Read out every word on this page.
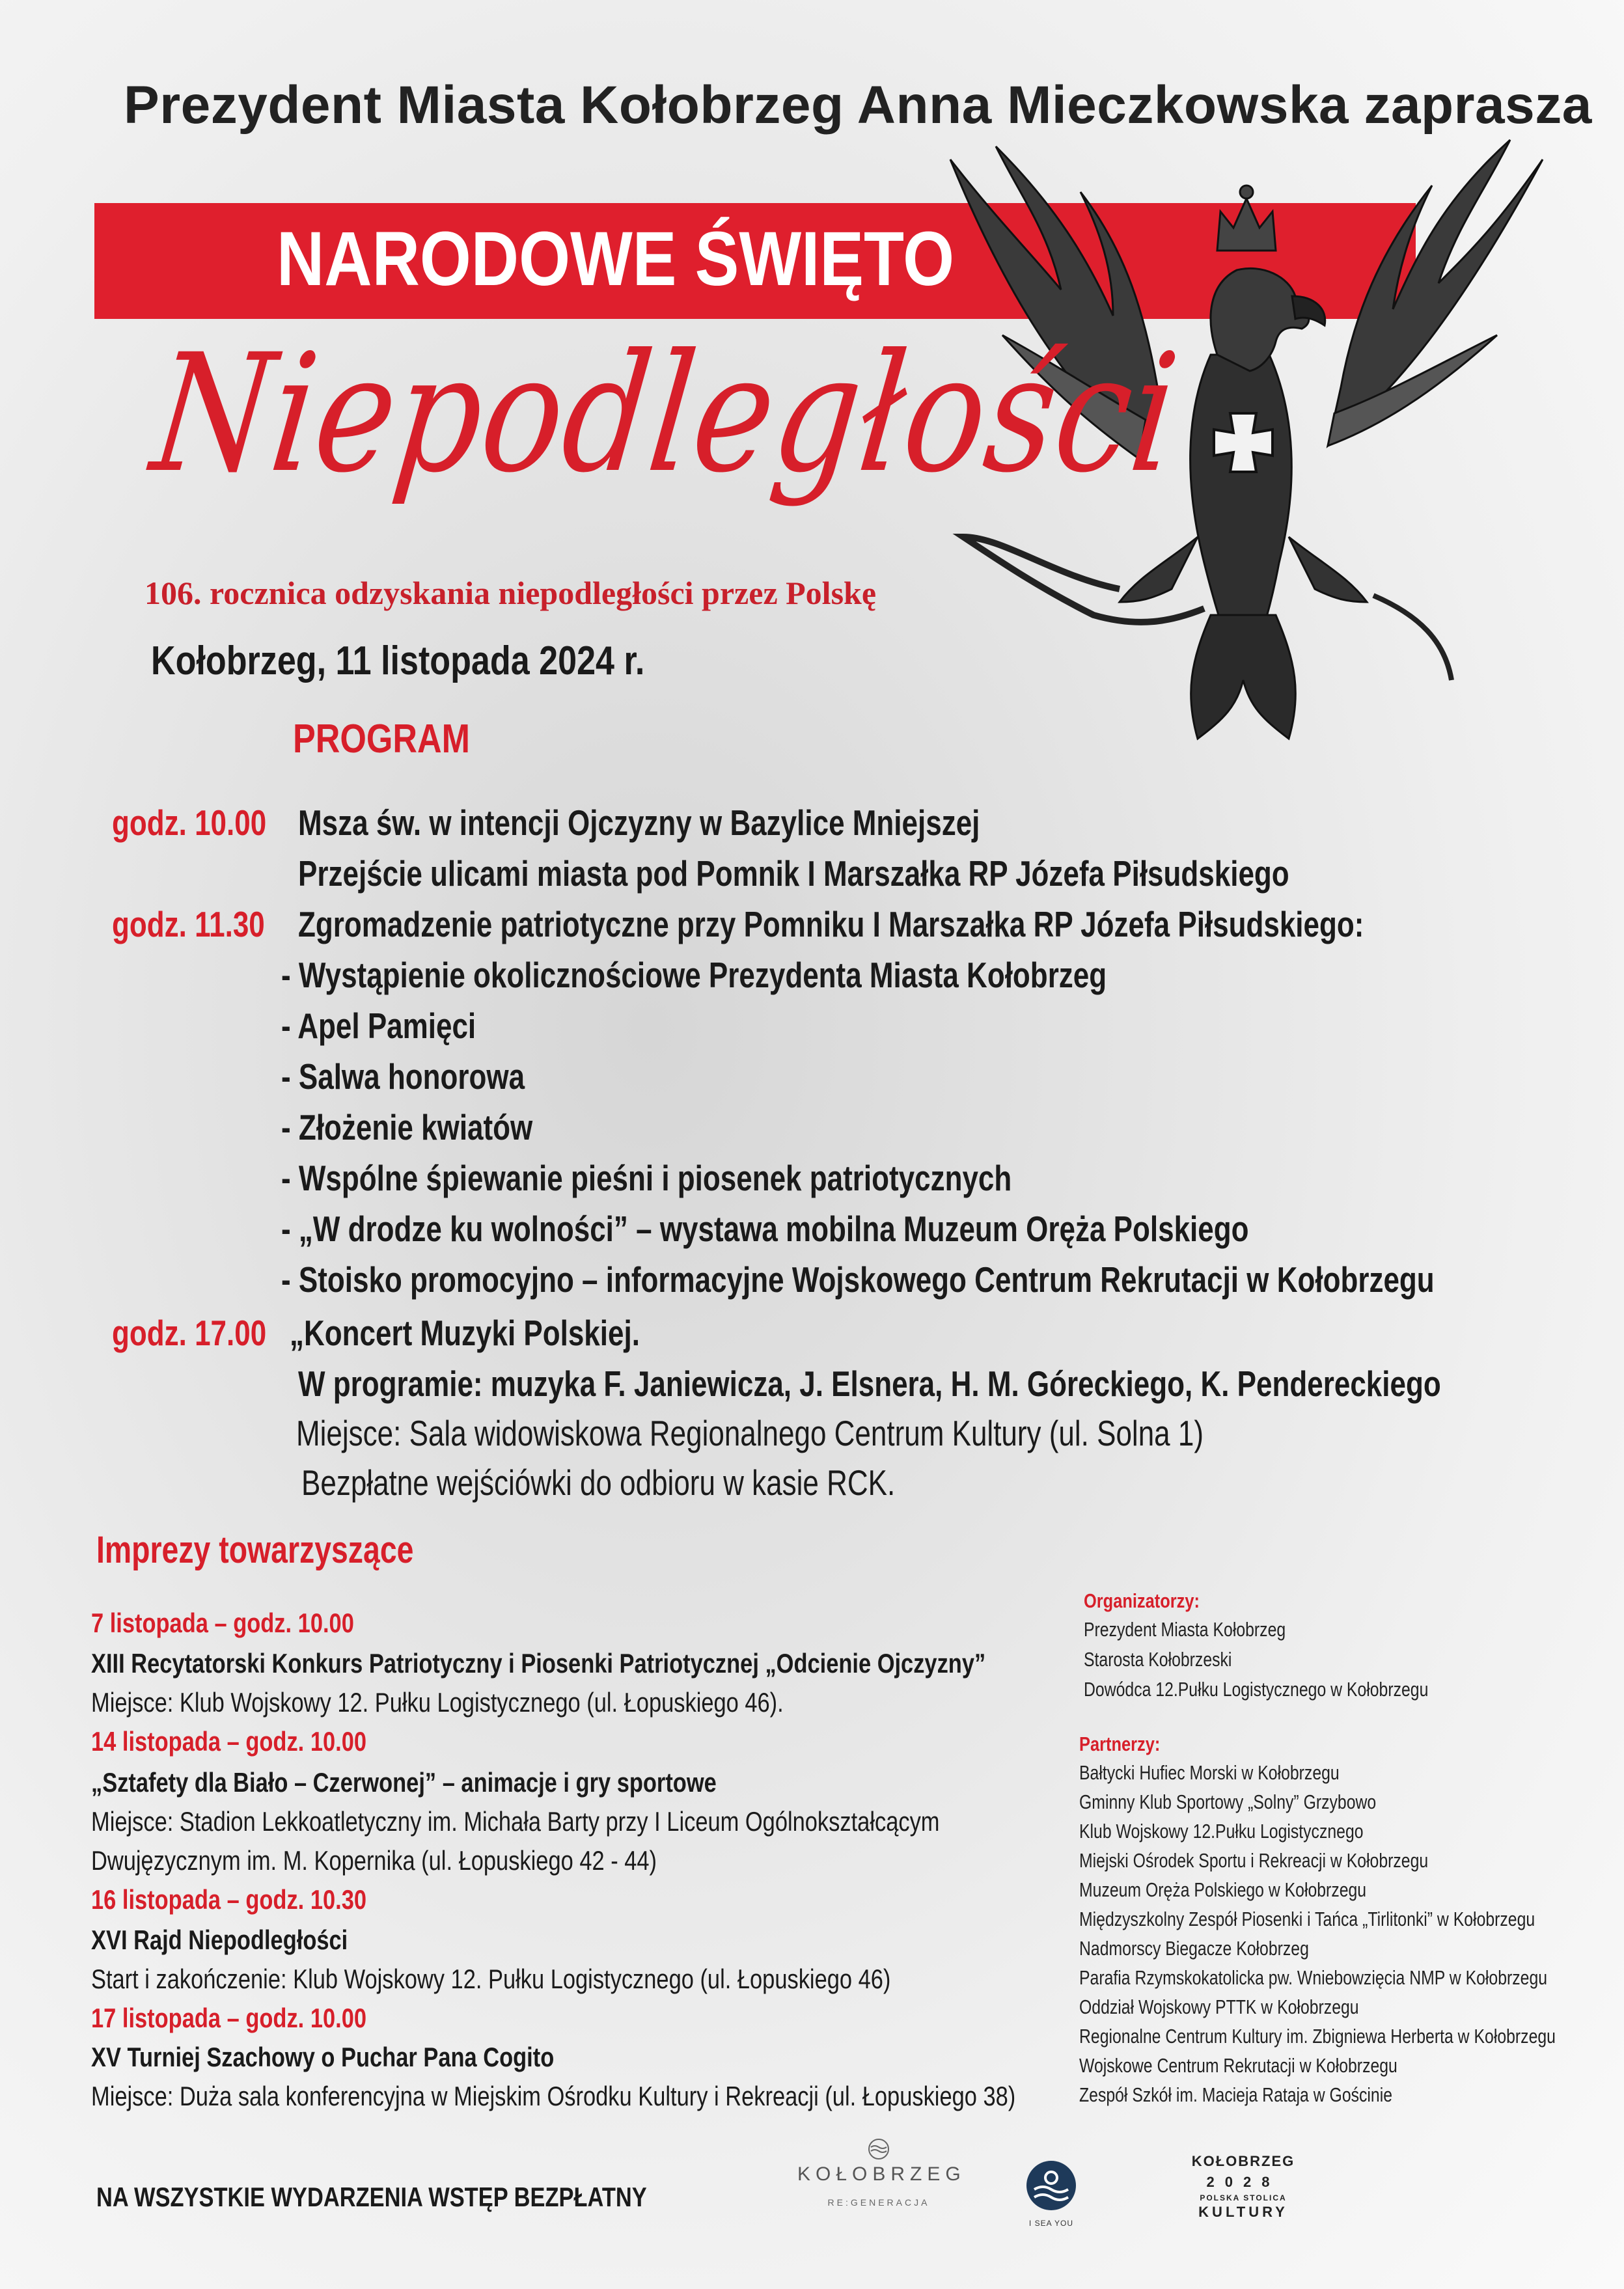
Prezydent Miasta Kołobrzeg Anna Mieczkowska zaprasza
NARODOWE ŚWIĘTO
Niepodległości
106. rocznica odzyskania niepodległości przez Polskę
Kołobrzeg, 11 listopada 2024 r.
PROGRAM
godz. 10.00 Msza św. w intencji Ojczyzny w Bazylice Mniejszej
Przejście ulicami miasta pod Pomnik I Marszałka RP Józefa Piłsudskiego
godz. 11.30 Zgromadzenie patriotyczne przy Pomniku I Marszałka RP Józefa Piłsudskiego:
- Wystąpienie okolicznościowe Prezydenta Miasta Kołobrzeg
- Apel Pamięci
- Salwa honorowa
- Złożenie kwiatów
- Wspólne śpiewanie pieśni i piosenek patriotycznych
- „W drodze ku wolności” – wystawa mobilna Muzeum Oręża Polskiego
- Stoisko promocyjno – informacyjne Wojskowego Centrum Rekrutacji w Kołobrzegu
godz. 17.00 „Koncert Muzyki Polskiej.
W programie: muzyka F. Janiewicza, J. Elsnera, H. M. Góreckiego, K. Pendereckiego
Miejsce: Sala widowiskowa Regionalnego Centrum Kultury (ul. Solna 1)
Bezpłatne wejściówki do odbioru w kasie RCK.
Imprezy towarzyszące
7 listopada – godz. 10.00
XIII Recytatorski Konkurs Patriotyczny i Piosenki Patriotycznej „Odcienie Ojczyzny”
Miejsce: Klub Wojskowy 12. Pułku Logistycznego (ul. Łopuskiego 46).
14 listopada – godz. 10.00
„Sztafety dla Biało – Czerwonej” – animacje i gry sportowe
Miejsce: Stadion Lekkoatletyczny im. Michała Barty przy I Liceum Ogólnokształcącym
Dwujęzycznym im. M. Kopernika (ul. Łopuskiego 42 - 44)
16 listopada – godz. 10.30
XVI Rajd Niepodległości
Start i zakończenie: Klub Wojskowy 12. Pułku Logistycznego (ul. Łopuskiego 46)
17 listopada – godz. 10.00
XV Turniej Szachowy o Puchar Pana Cogito
Miejsce: Duża sala konferencyjna w Miejskim Ośrodku Kultury i Rekreacji (ul. Łopuskiego 38)
Organizatorzy:
Prezydent Miasta Kołobrzeg
Starosta Kołobrzeski
Dowódca 12.Pułku Logistycznego w Kołobrzegu
Partnerzy:
Bałtycki Hufiec Morski w Kołobrzegu
Gminny Klub Sportowy „Solny” Grzybowo
Klub Wojskowy 12.Pułku Logistycznego
Miejski Ośrodek Sportu i Rekreacji w Kołobrzegu
Muzeum Oręża Polskiego w Kołobrzegu
Międzyszkolny Zespół Piosenki i Tańca „Tirlitonki” w Kołobrzegu
Nadmorscy Biegacze Kołobrzeg
Parafia Rzymskokatolicka pw. Wniebowzięcia NMP w Kołobrzegu
Oddział Wojskowy PTTK w Kołobrzegu
Regionalne Centrum Kultury im. Zbigniewa Herberta w Kołobrzegu
Wojskowe Centrum Rekrutacji w Kołobrzegu
Zespół Szkół im. Macieja Rataja w Gościnie
NA WSZYSTKIE WYDARZENIA WSTĘP BEZPŁATNY
KOŁOBRZEG
RE:GENERACJA
I SEA YOU
KOŁOBRZEG
2028
POLSKA STOLICA
KULTURY
